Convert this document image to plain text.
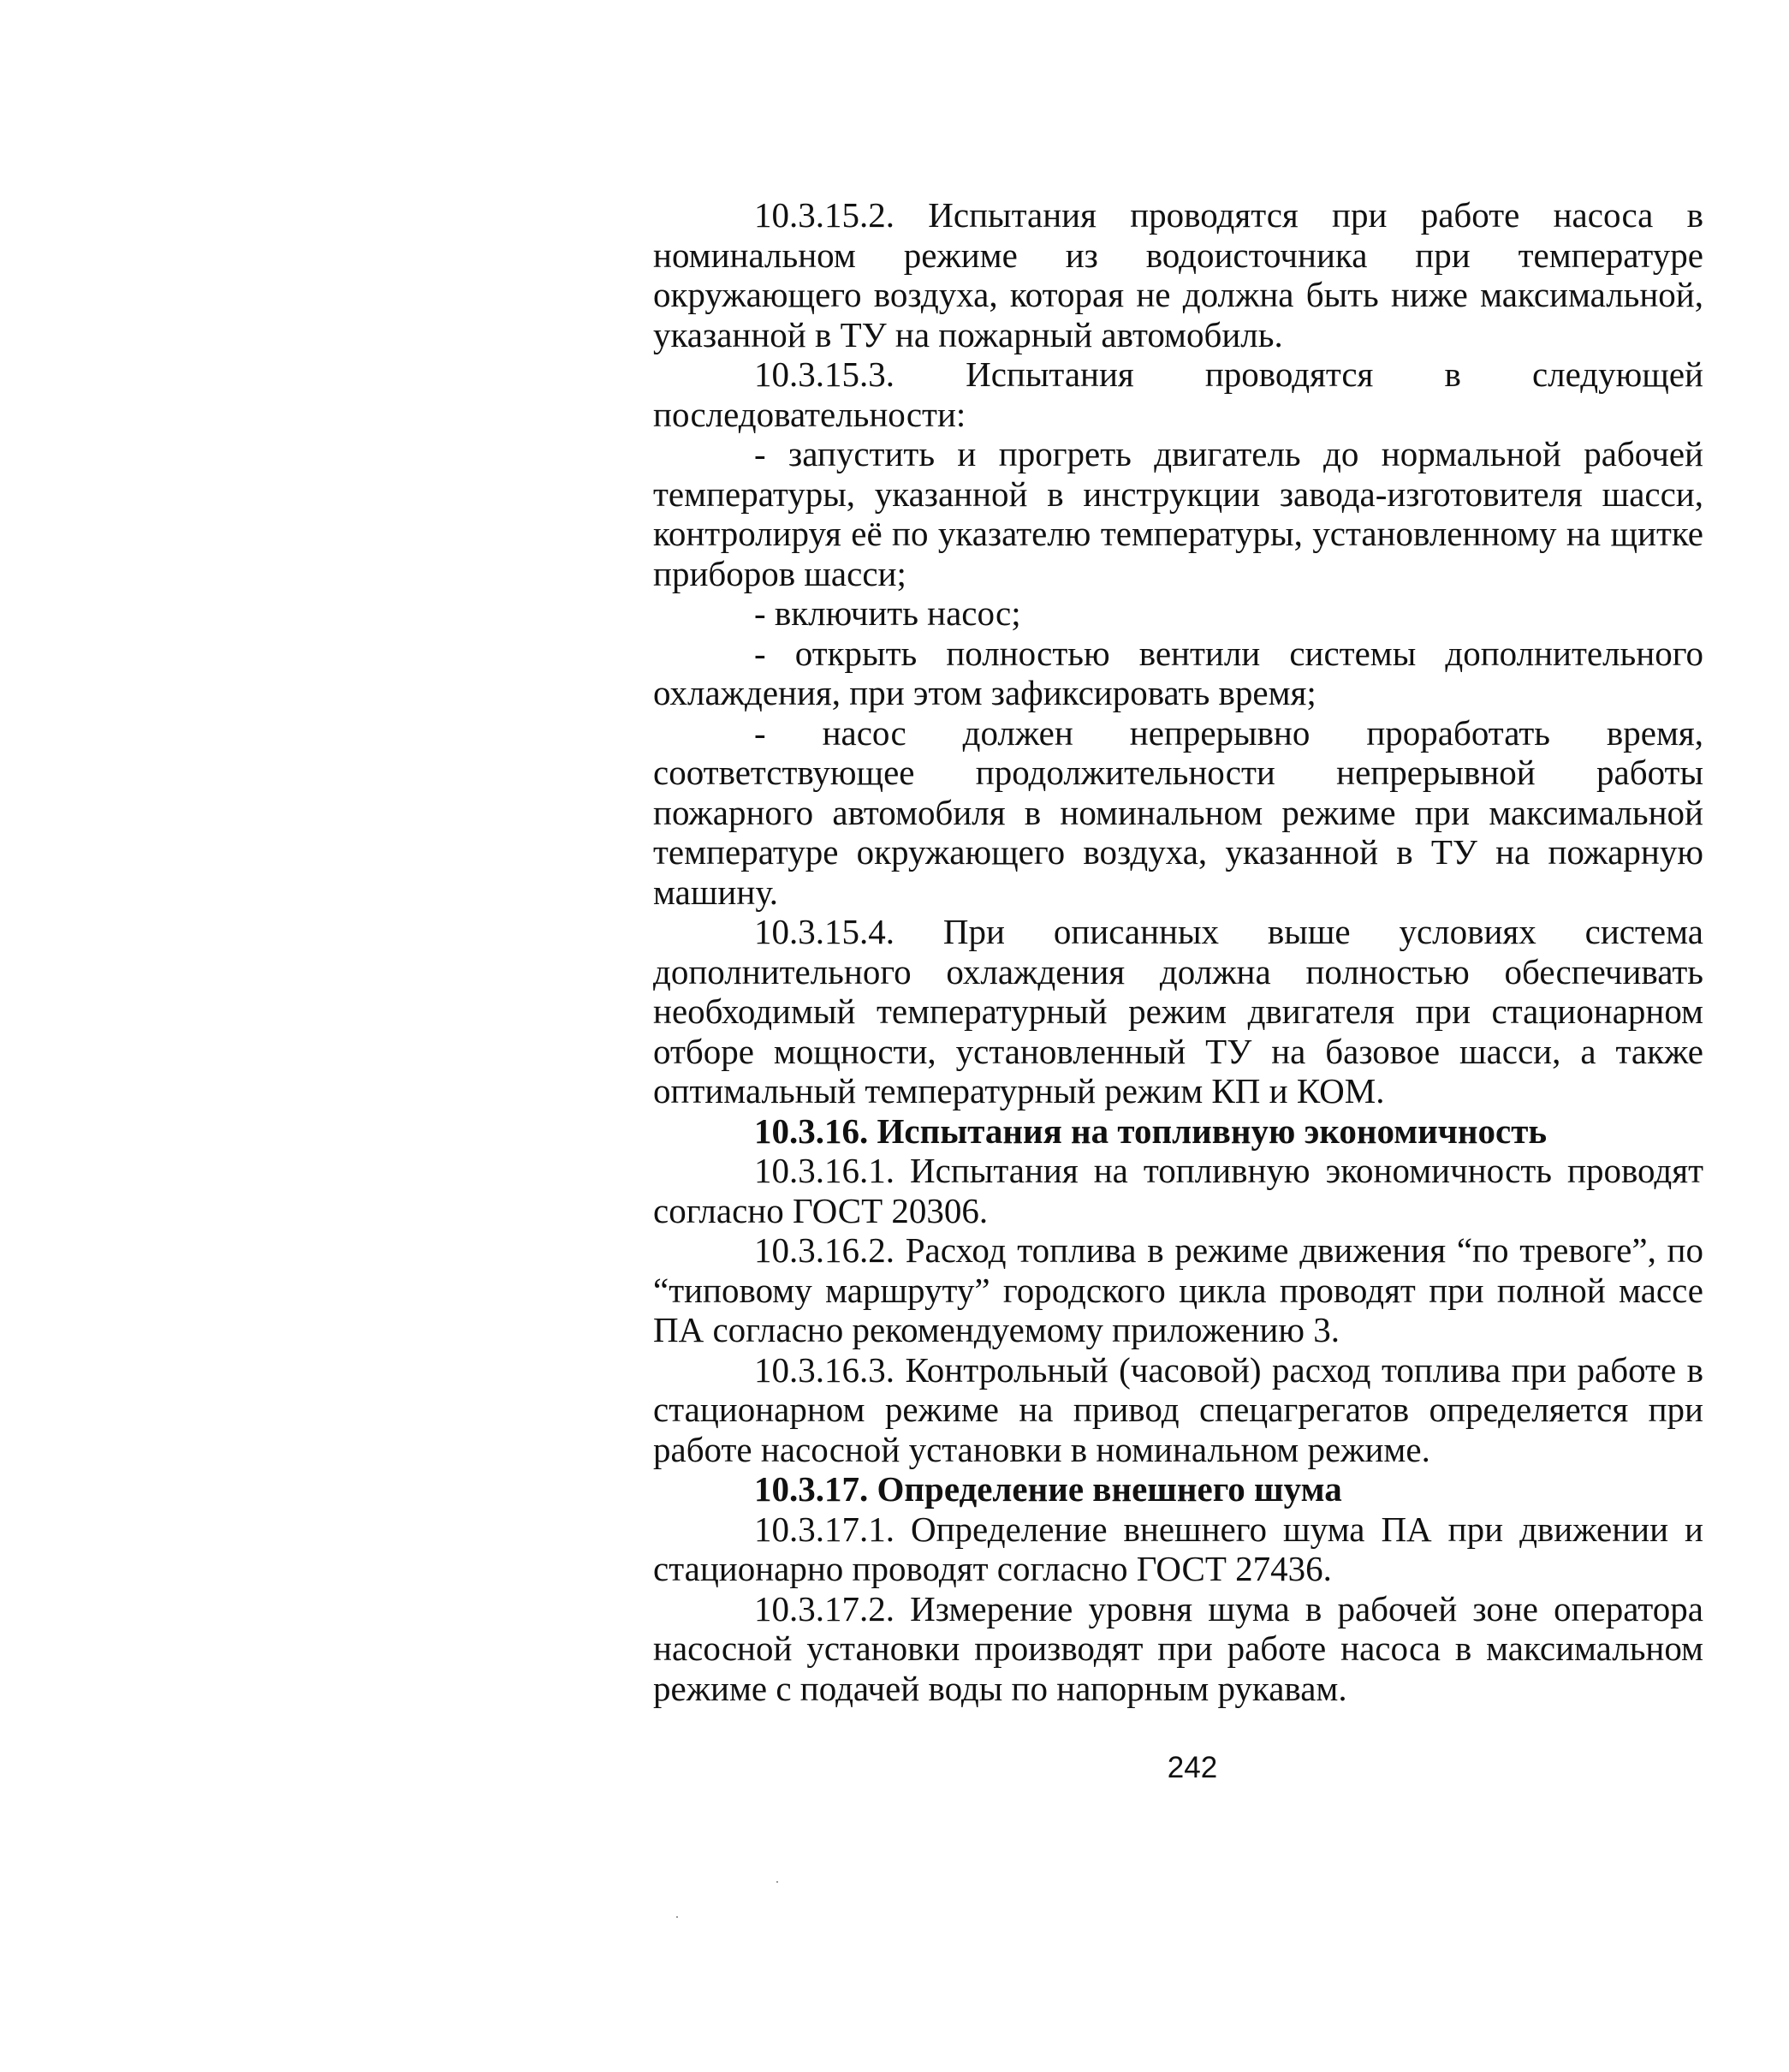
10.3.15.2. Испытания проводятся при работе насоса в номинальном режиме из водоисточника при температуре окружающего воздуха, которая не должна быть ниже максимальной, указанной в ТУ на пожарный автомобиль.

10.3.15.3. Испытания проводятся в следующей последовательности:

- запустить и прогреть двигатель до нормальной рабочей температуры, указанной в инструкции завода-изготовителя шасси, контролируя её по указателю температуры, установленному на щитке приборов шасси;

- включить насос;

- открыть полностью вентили системы дополнительного охлаждения, при этом зафиксировать время;

- насос должен непрерывно проработать время, соответствующее продолжительности непрерывной работы пожарного автомобиля в номинальном режиме при максимальной температуре окружающего воздуха, указанной в ТУ на пожарную машину.

10.3.15.4. При описанных выше условиях система дополнительного охлаждения должна полностью обеспечивать необходимый температурный режим двигателя при стационарном отборе мощности, установленный ТУ на базовое шасси, а также оптимальный температурный режим КП и КОМ.

10.3.16. Испытания на топливную экономичность

10.3.16.1. Испытания на топливную экономичность проводят согласно ГОСТ 20306.

10.3.16.2. Расход топлива в режиме движения “по тревоге”, по “типовому маршруту” городского цикла проводят при полной массе ПА согласно рекомендуемому приложению 3.

10.3.16.3. Контрольный (часовой) расход топлива при работе в стационарном режиме на привод спецагрегатов определяется при работе насосной установки в номинальном режиме.

10.3.17. Определение внешнего шума

10.3.17.1. Определение внешнего шума ПА при движении и стационарно проводят согласно ГОСТ 27436.

10.3.17.2. Измерение уровня шума в рабочей зоне оператора насосной установки производят при работе насоса в максимальном режиме с подачей воды по напорным рукавам.

242
